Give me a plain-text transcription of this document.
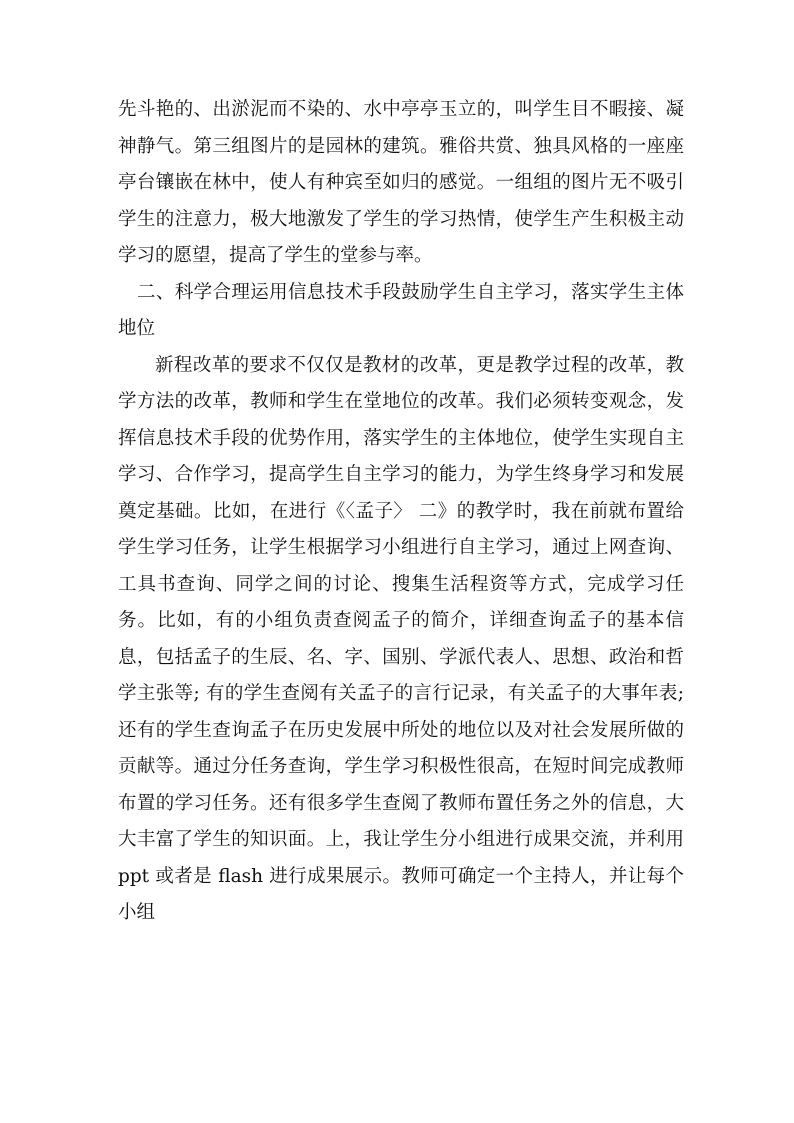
先斗艳的、出淤泥而不染的、水中亭亭玉立的，叫学生目不暇接、凝神静气。第三组图片的是园林的建筑。雅俗共赏、独具风格的一座座亭台镶嵌在林中，使人有种宾至如归的感觉。一组组的图片无不吸引学生的注意力，极大地激发了学生的学习热情，使学生产生积极主动学习的愿望，提高了学生的堂参与率。

二、科学合理运用信息技术手段鼓励学生自主学习，落实学生主体地位

新程改革的要求不仅仅是教材的改革，更是教学过程的改革，教学方法的改革，教师和学生在堂地位的改革。我们必须转变观念，发挥信息技术手段的优势作用，落实学生的主体地位，使学生实现自主学习、合作学习，提高学生自主学习的能力，为学生终身学习和发展奠定基础。比如，在进行《〈孟子〉 二》的教学时，我在前就布置给学生学习任务，让学生根据学习小组进行自主学习，通过上网查询、工具书查询、同学之间的讨论、搜集生活程资等方式，完成学习任务。比如，有的小组负责查阅孟子的简介，详细查询孟子的基本信息，包括孟子的生辰、名、字、国别、学派代表人、思想、政治和哲学主张等; 有的学生查阅有关孟子的言行记录，有关孟子的大事年表; 还有的学生查询孟子在历史发展中所处的地位以及对社会发展所做的贡献等。通过分任务查询，学生学习积极性很高，在短时间完成教师布置的学习任务。还有很多学生查阅了教师布置任务之外的信息，大大丰富了学生的知识面。上，我让学生分小组进行成果交流，并利用 ppt 或者是 flash 进行成果展示。教师可确定一个主持人，并让每个小组
